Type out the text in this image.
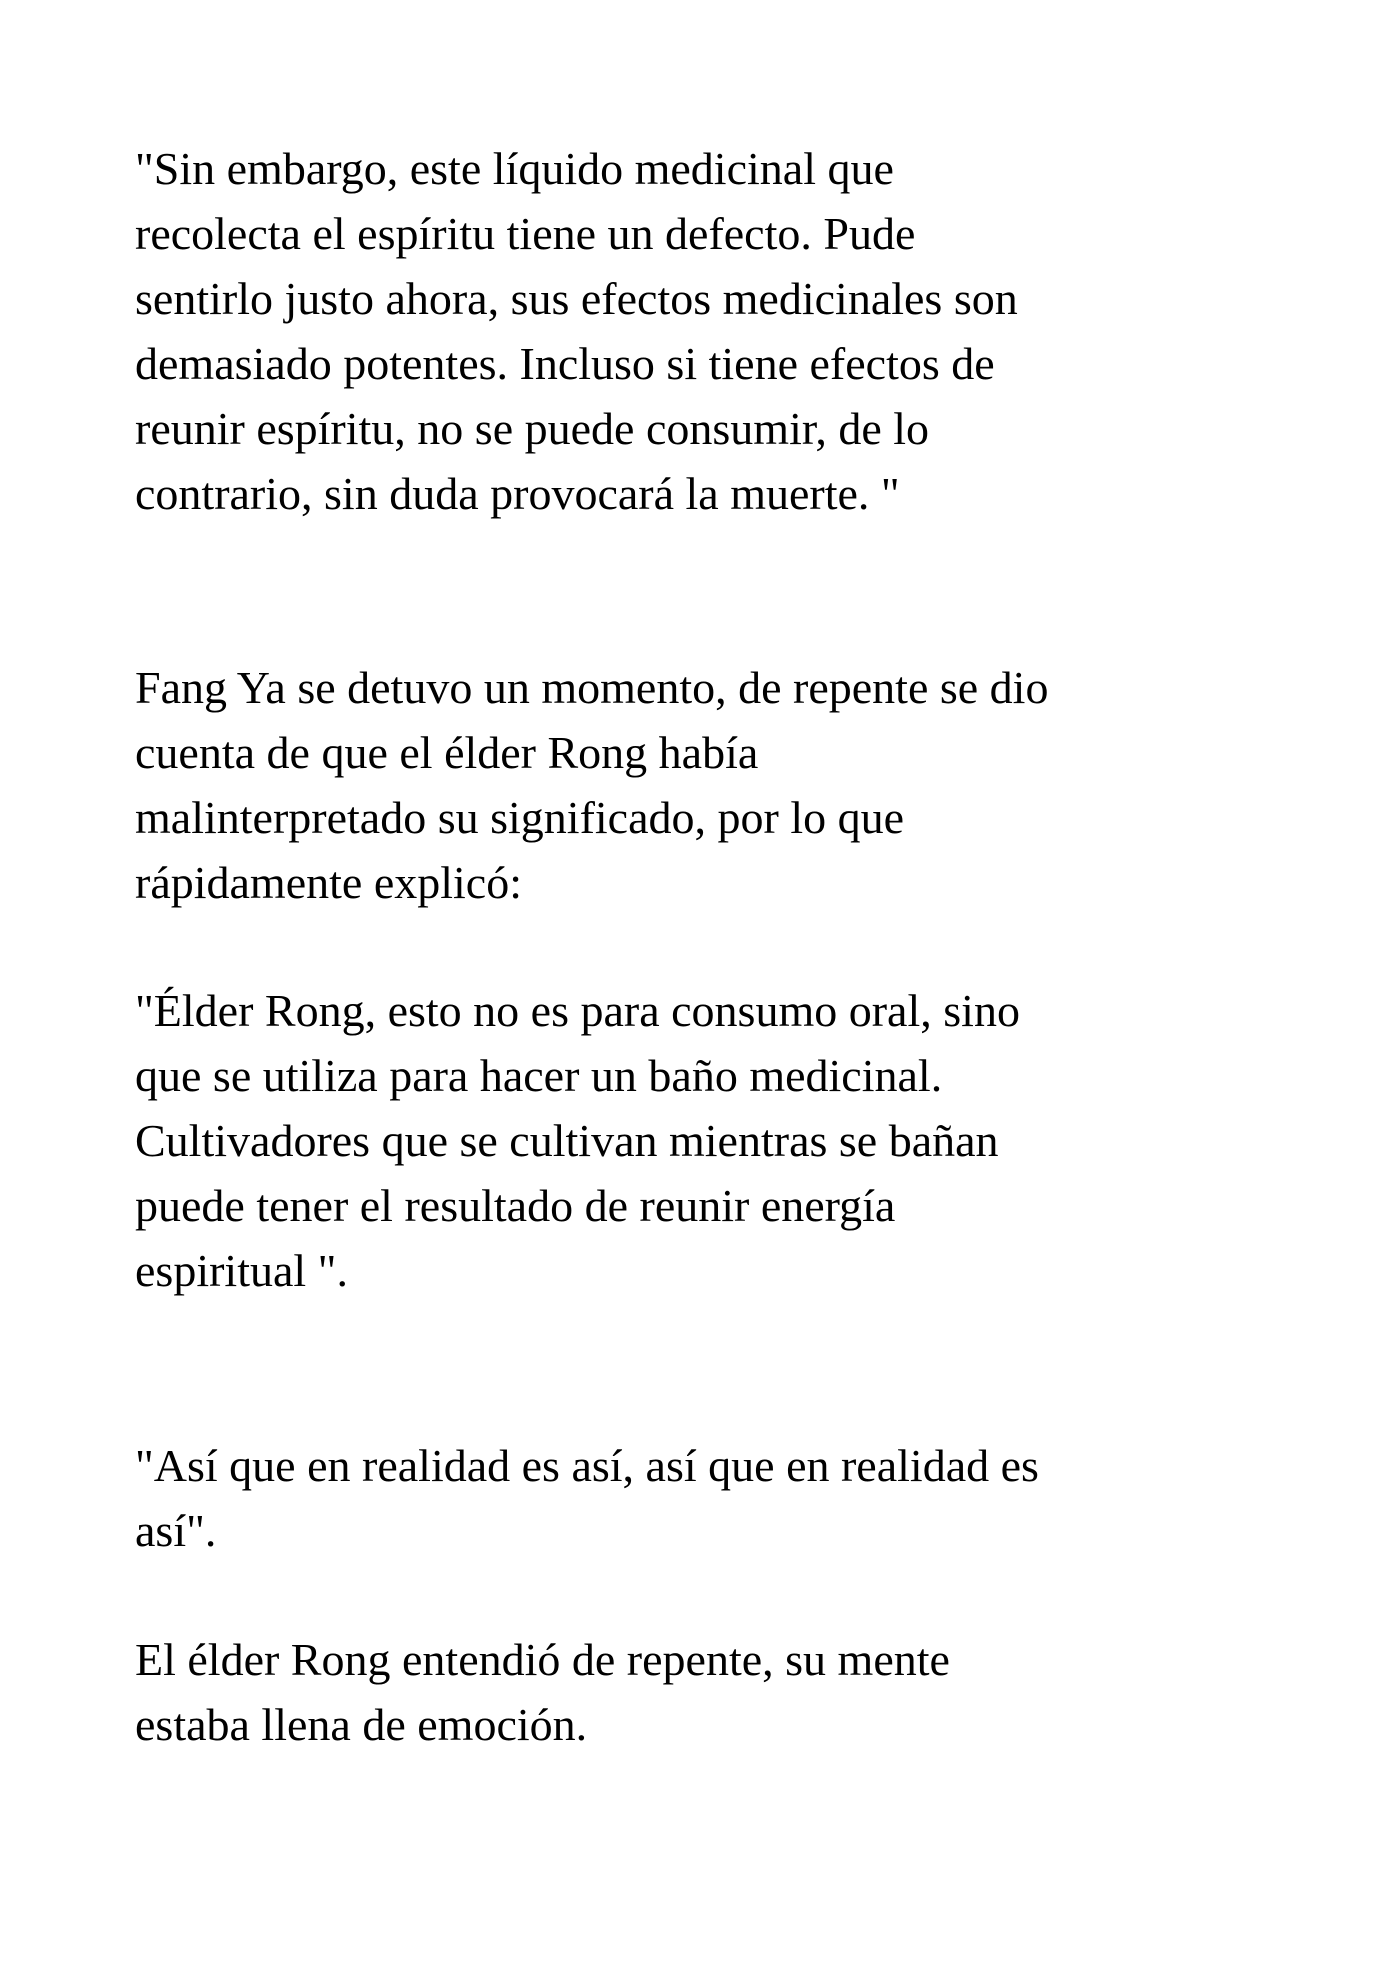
"Sin embargo, este líquido medicinal que
recolecta el espíritu tiene un defecto. Pude
sentirlo justo ahora, sus efectos medicinales son
demasiado potentes. Incluso si tiene efectos de
reunir espíritu, no se puede consumir, de lo
contrario, sin duda provocará la muerte. "

Fang Ya se detuvo un momento, de repente se dio
cuenta de que el élder Rong había
malinterpretado su significado, por lo que
rápidamente explicó:

"Élder Rong, esto no es para consumo oral, sino
que se utiliza para hacer un baño medicinal.
Cultivadores que se cultivan mientras se bañan
puede tener el resultado de reunir energía
espiritual ".

"Así que en realidad es así, así que en realidad es
así".

El élder Rong entendió de repente, su mente
estaba llena de emoción.
